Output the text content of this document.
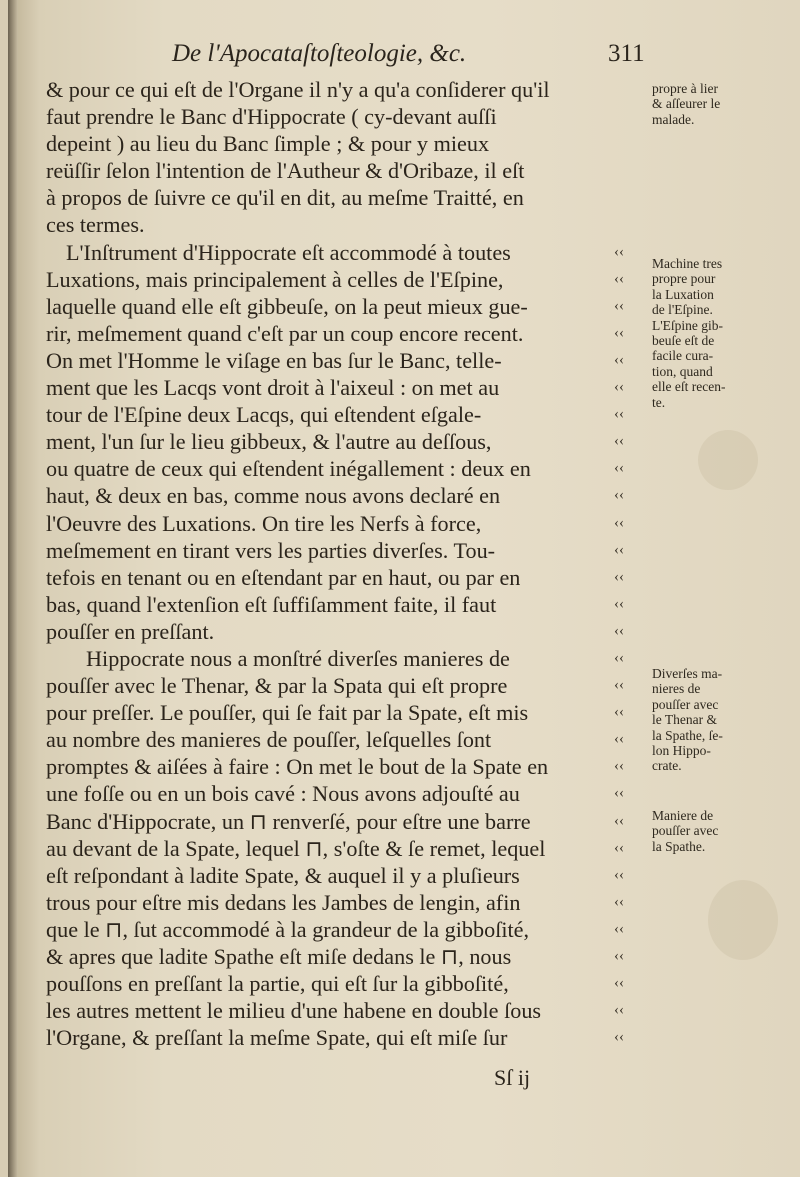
De l'Apocataſtoſteologie, &c.	311
& pour ce qui eſt de l'Organe il n'y a qu'a conſiderer qu'il
faut prendre le Banc d'Hippocrate ( cy-devant auſſi
depeint ) au lieu du Banc ſimple ; & pour y mieux
reüſſir ſelon l'intention de l'Autheur & d'Oribaze, il eſt
à propos de ſuivre ce qu'il en dit, au meſme Traitté, en
ces termes.
L'Inſtrument d'Hippocrate eſt accommodé à toutes	‹‹
Luxations, mais principalement à celles de l'Eſpine,	‹‹
laquelle quand elle eſt gibbeuſe, on la peut mieux gue-	‹‹
rir, meſmement quand c'eſt par un coup encore recent.	‹‹
On met l'Homme le viſage en bas ſur le Banc, telle-	‹‹
ment que les Lacqs vont droit à l'aixeul : on met au	‹‹
tour de l'Eſpine deux Lacqs, qui eſtendent eſgale-	‹‹
ment, l'un ſur le lieu gibbeux, & l'autre au deſſous,	‹‹
ou quatre de ceux qui eſtendent inégallement : deux en	‹‹
haut, & deux en bas, comme nous avons declaré en	‹‹
l'Oeuvre des Luxations. On tire les Nerfs à force,	‹‹
meſmement en tirant vers les parties diverſes. Tou-	‹‹
tefois en tenant ou en eſtendant par en haut, ou par en	‹‹
bas, quand l'extenſion eſt ſuffiſamment faite, il faut	‹‹
pouſſer en preſſant.	‹‹
Hippocrate nous a monſtré diverſes manieres de	‹‹
pouſſer avec le Thenar, & par la Spata qui eſt propre	‹‹
pour preſſer. Le pouſſer, qui ſe fait par la Spate, eſt mis	‹‹
au nombre des manieres de pouſſer, leſquelles ſont	‹‹
promptes & aiſées à faire : On met le bout de la Spate en	‹‹
une foſſe ou en un bois cavé : Nous avons adjouſté au	‹‹
Banc d'Hippocrate, un ⊓ renverſé, pour eſtre une barre	‹‹
au devant de la Spate, lequel ⊓, s'oſte & ſe remet, lequel	‹‹
eſt reſpondant à ladite Spate, & auquel il y a pluſieurs	‹‹
trous pour eſtre mis dedans les Jambes de lengin, afin	‹‹
que le ⊓, ſut accommodé à la grandeur de la gibboſité,	‹‹
& apres que ladite Spathe eſt miſe dedans le ⊓, nous	‹‹
pouſſons en preſſant la partie, qui eſt ſur la gibboſité,	‹‹
les autres mettent le milieu d'une habene en double ſous	‹‹
l'Organe, & preſſant la meſme Spate, qui eſt miſe ſur	‹‹
propre à lier
& aſſeurer le
malade.
Machine tres
propre pour
la Luxation
de l'Eſpine.
L'Eſpine gib-
beuſe eſt de
facile cura-
tion, quand
elle eſt recen-
te.
Diverſes ma-
nieres de
pouſſer avec
le Thenar &
la Spathe, ſe-
lon Hippo-
crate.
Maniere de
pouſſer avec
la Spathe.
Sſ ij
